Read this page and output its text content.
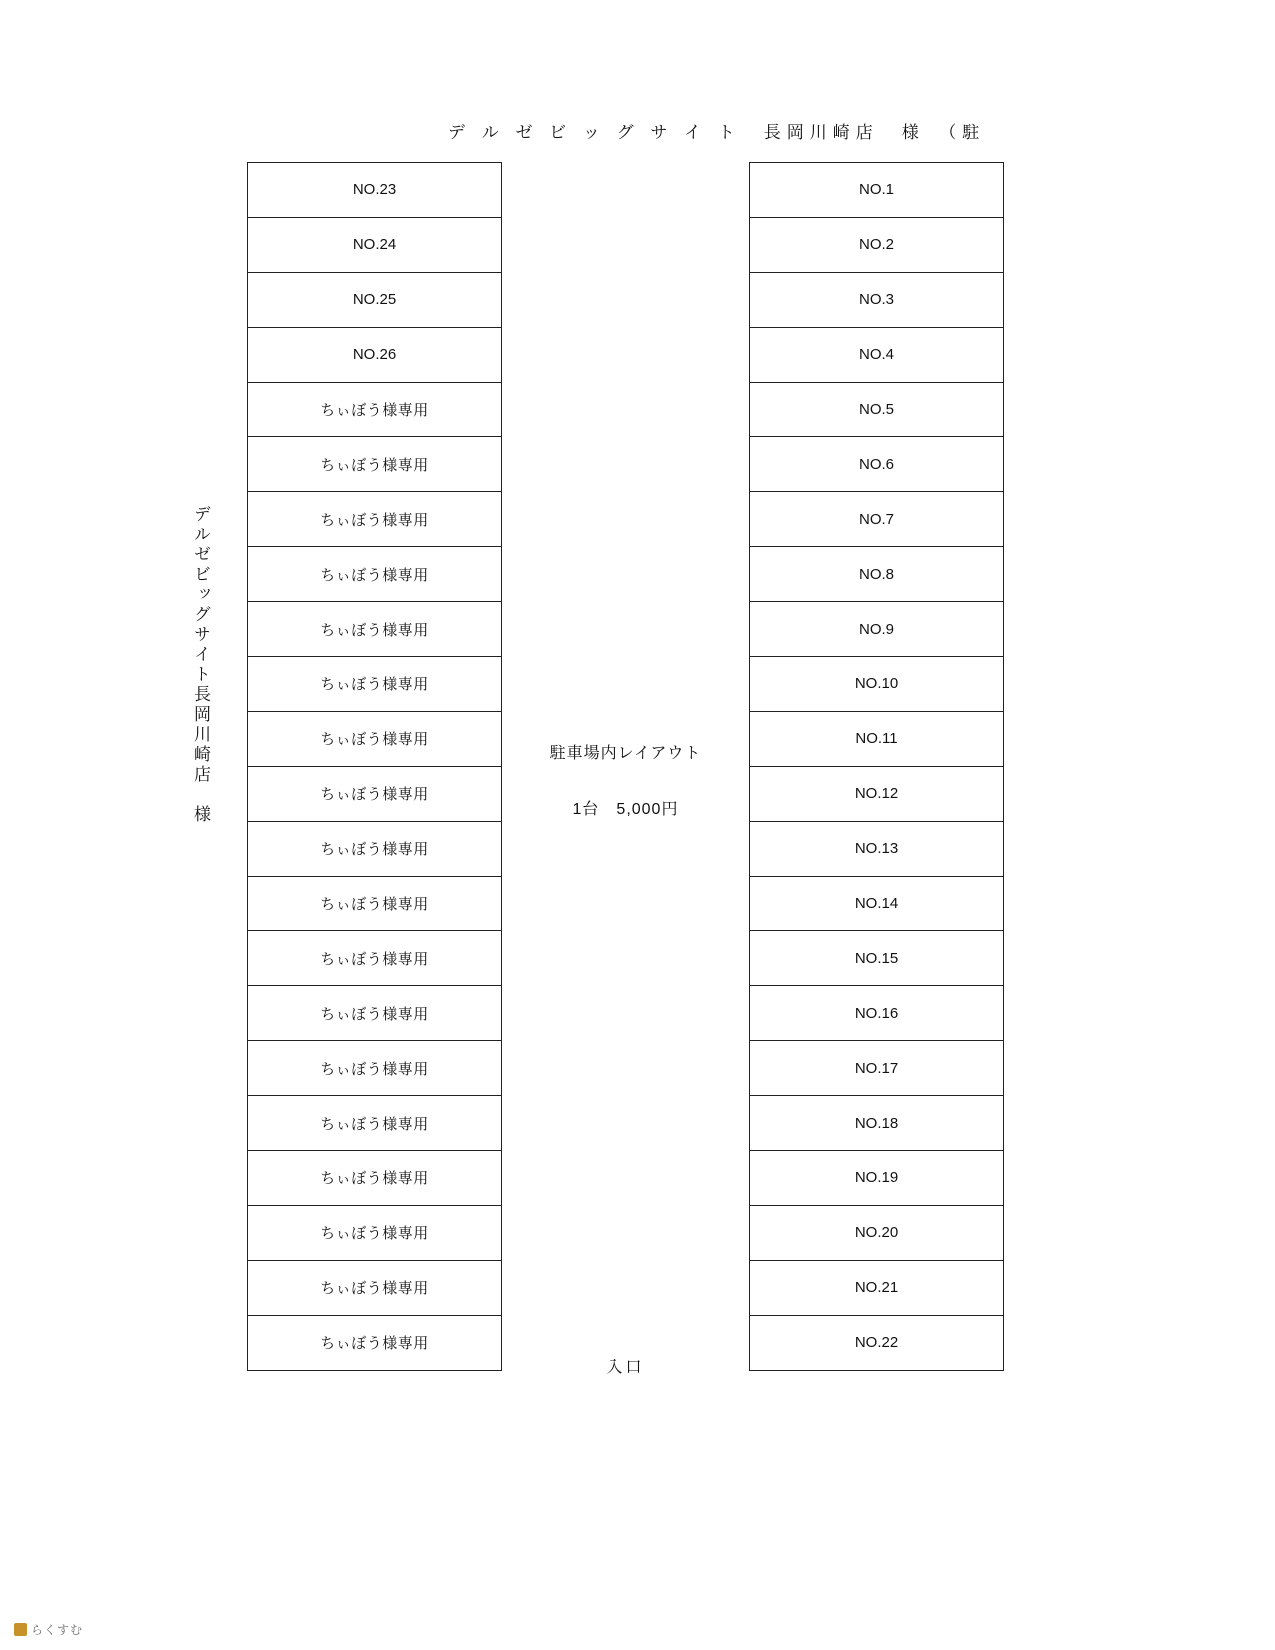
デ ル ゼ ビ ッ グ サ イ ト　長岡川崎店　様　（駐
デルゼビッグサイト長岡川崎店　様
NO.23
NO.24
NO.25
NO.26
ちぃぼう様専用
ちぃぼう様専用
ちぃぼう様専用
ちぃぼう様専用
ちぃぼう様専用
ちぃぼう様専用
ちぃぼう様専用
ちぃぼう様専用
ちぃぼう様専用
ちぃぼう様専用
ちぃぼう様専用
ちぃぼう様専用
ちぃぼう様専用
ちぃぼう様専用
ちぃぼう様専用
ちぃぼう様専用
ちぃぼう様専用
ちぃぼう様専用
駐車場内レイアウト
1台　5,000円
入口
NO.1
NO.2
NO.3
NO.4
NO.5
NO.6
NO.7
NO.8
NO.9
NO.10
NO.11
NO.12
NO.13
NO.14
NO.15
NO.16
NO.17
NO.18
NO.19
NO.20
NO.21
NO.22
らくすむ
